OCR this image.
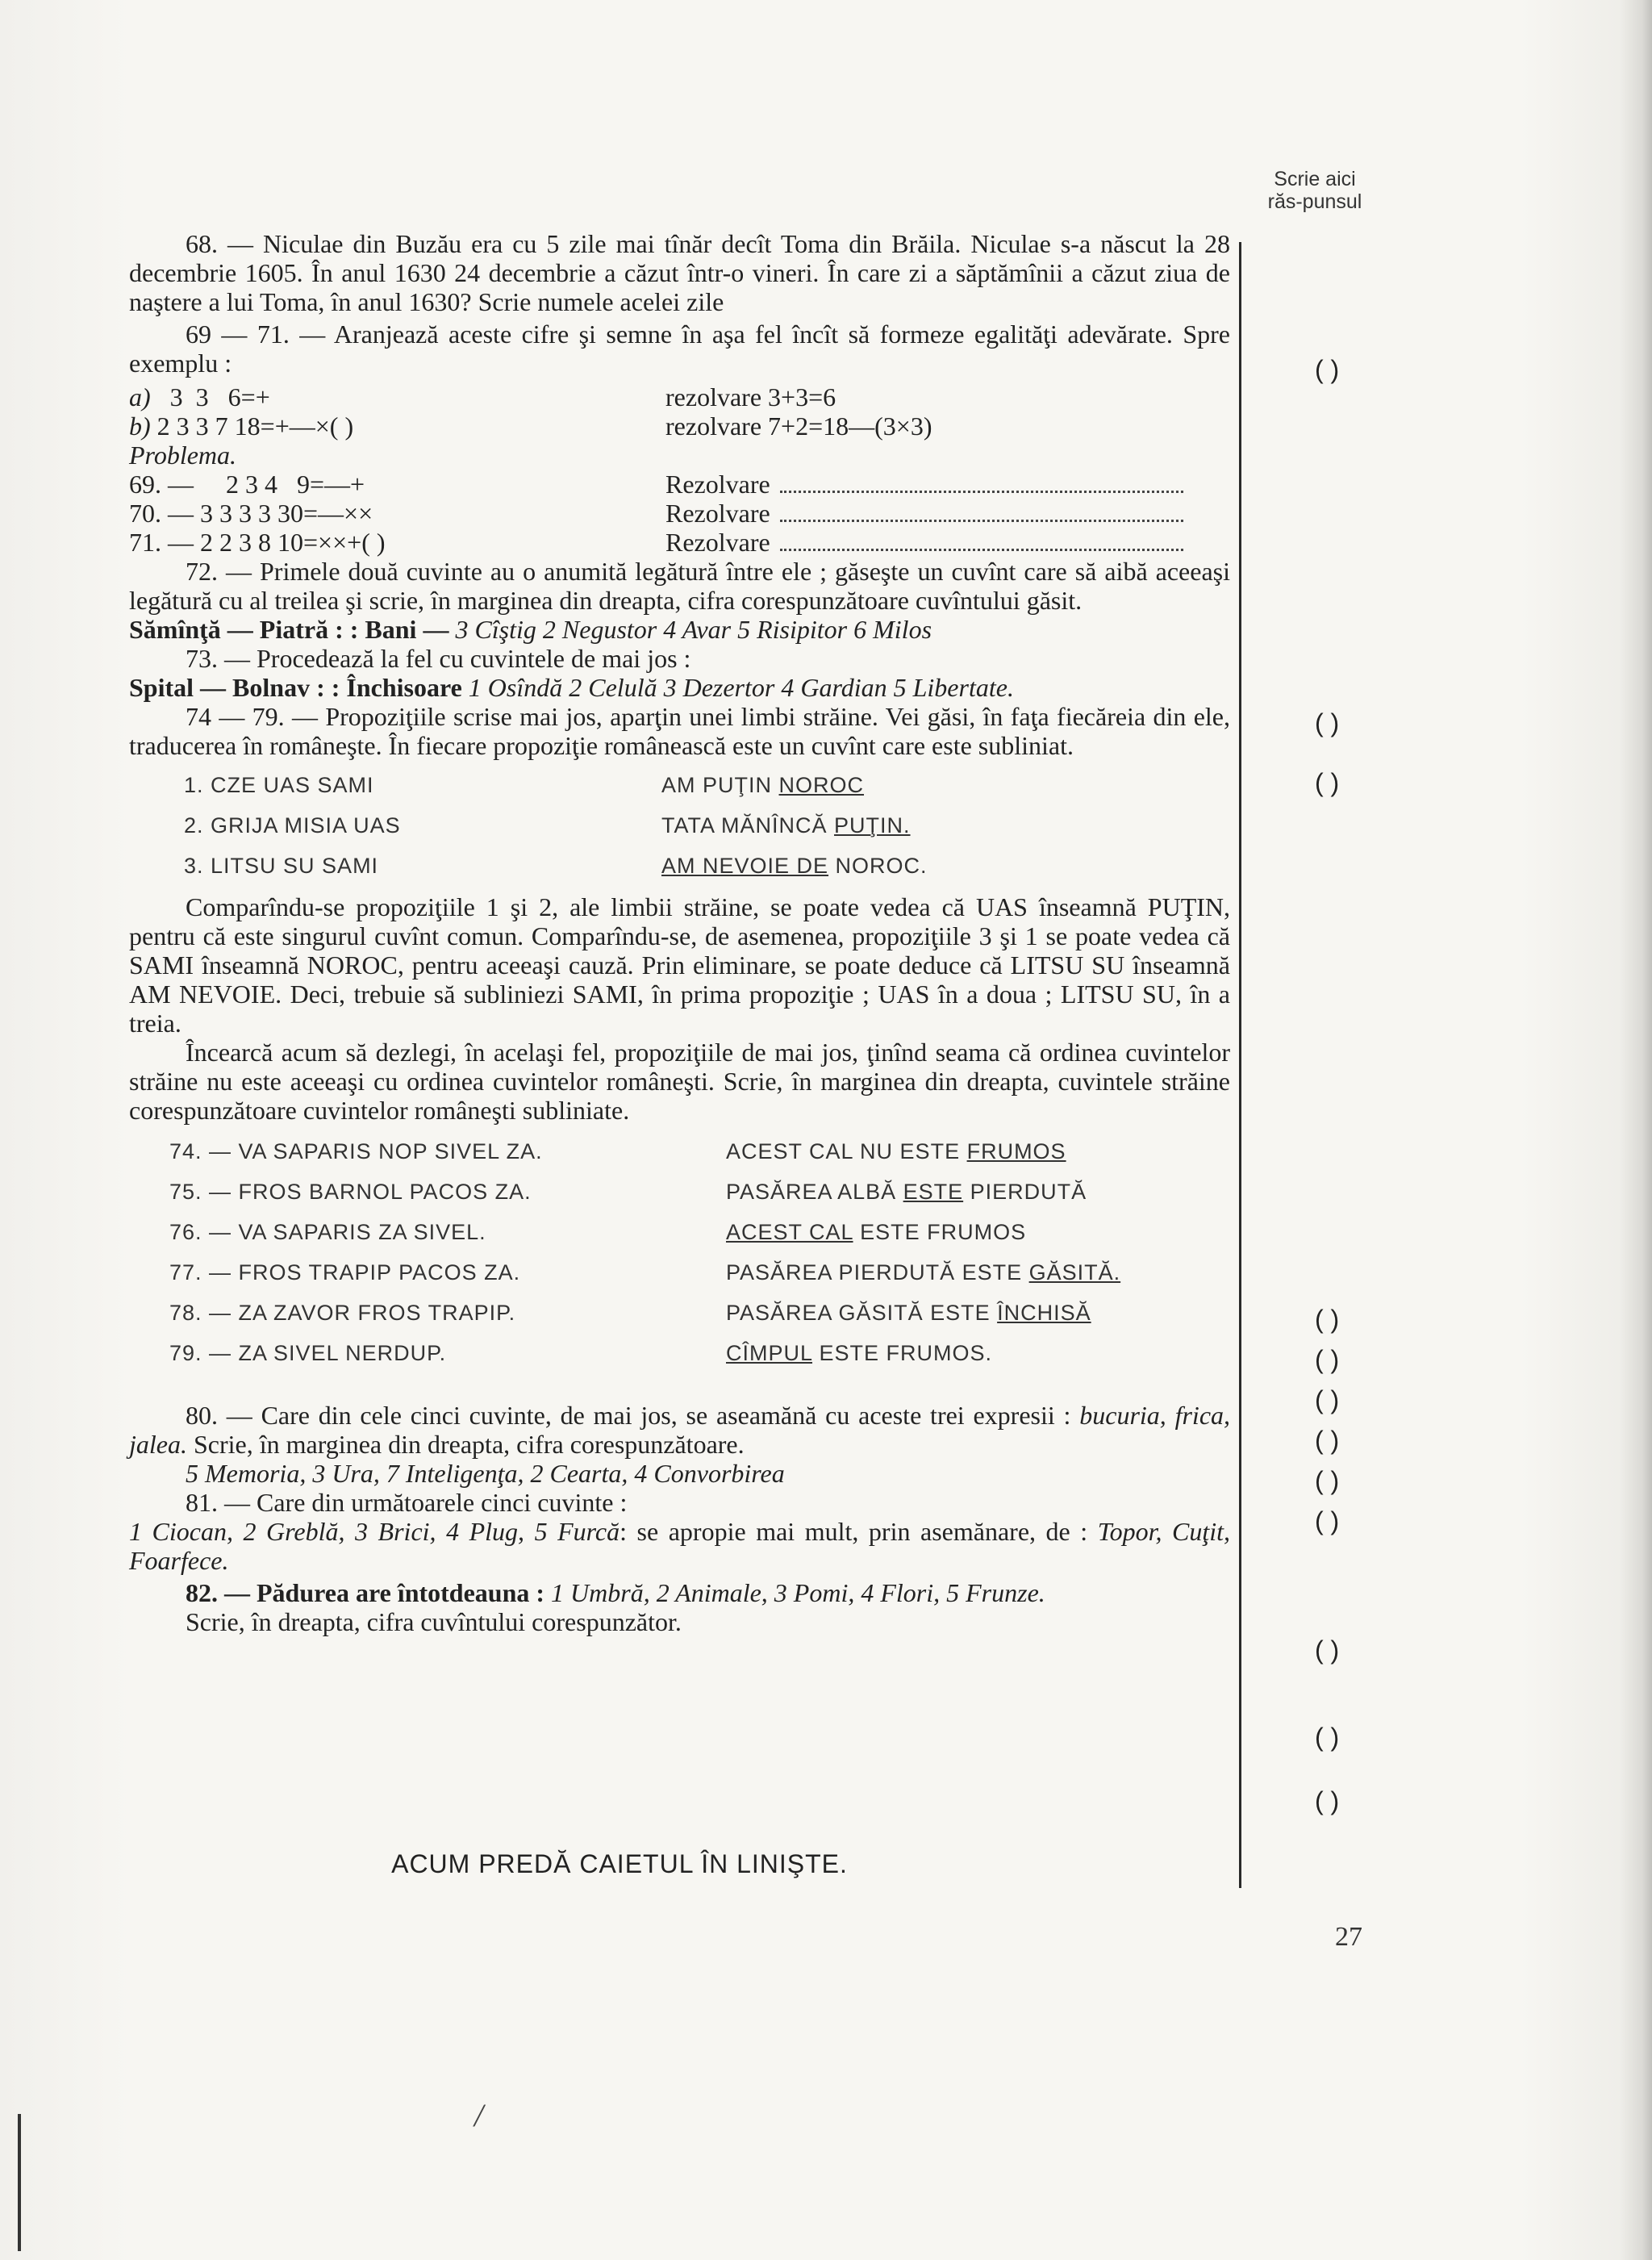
Scrie aici răs-punsul

68. — Niculae din Buzău era cu 5 zile mai tînăr decît Toma din Brăila. Niculae s-a născut la 28 decembrie 1605. În anul 1630 24 decembrie a căzut într-o vineri. În care zi a săptămînii a căzut ziua de naştere a lui Toma, în anul 1630? Scrie numele acelei zile

69 — 71. — Aranjează aceste cifre şi semne în aşa fel încît să formeze egalităţi adevărate. Spre exemplu :

a) 3  3   6=+	rezolvare 3+3=6
b) 2 3 3 7 18=+—×( )	rezolvare 7+2=18—(3×3)
Problema.
69. —     2 3 4   9=—+	Rezolvare
70. — 3 3 3 3 30=—××	Rezolvare
71. — 2 2 3 8 10=××+( )	Rezolvare

72. — Primele două cuvinte au o anumită legătură între ele ; găseşte un cuvînt care să aibă aceeaşi legătură cu al treilea şi scrie, în marginea din dreapta, cifra corespunzătoare cuvîntului găsit.

Sămînţă — Piatră : : Bani — 3 Cîştig 2 Negustor 4 Avar 5 Risipitor 6 Milos

73. — Procedează la fel cu cuvintele de mai jos :

Spital — Bolnav : : Închisoare 1 Osîndă 2 Celulă 3 Dezertor 4 Gardian 5 Libertate.

74 — 79. — Propoziţiile scrise mai jos, aparţin unei limbi străine. Vei găsi, în faţa fiecăreia din ele, traducerea în româneşte. În fiecare propoziţie românească este un cuvînt care este subliniat.

1. CZE UAS SAMI	AM PUŢIN NOROC
2. GRIJA MISIA UAS	TATA MĂNÎNCĂ PUŢIN.
3. LITSU SU SAMI	AM NEVOIE DE NOROC.

Comparîndu-se propoziţiile 1 şi 2, ale limbii străine, se poate vedea că UAS înseamnă PUŢIN, pentru că este singurul cuvînt comun. Comparîndu-se, de asemenea, propoziţiile 3 şi 1 se poate vedea că SAMI înseamnă NOROC, pentru aceeaşi cauză. Prin eliminare, se poate deduce că LITSU SU înseamnă AM NEVOIE. Deci, trebuie să subliniezi SAMI, în prima propoziţie ; UAS în a doua ; LITSU SU, în a treia.

Încearcă acum să dezlegi, în acelaşi fel, propoziţiile de mai jos, ţinînd seama că ordinea cuvintelor străine nu este aceeaşi cu ordinea cuvintelor româneşti. Scrie, în marginea din dreapta, cuvintele străine corespunzătoare cuvintelor româneşti subliniate.

74. — VA SAPARIS NOP SIVEL ZA.	ACEST CAL NU ESTE FRUMOS
75. — FROS BARNOL PACOS ZA.	PASĂREA ALBĂ ESTE PIERDUTĂ
76. — VA SAPARIS ZA SIVEL.	ACEST CAL ESTE FRUMOS
77. — FROS TRAPIP PACOS ZA.	PASĂREA PIERDUTĂ ESTE GĂSITĂ.
78. — ZA ZAVOR FROS TRAPIP.	PASĂREA GĂSITĂ ESTE ÎNCHISĂ
79. — ZA SIVEL NERDUP.	CÎMPUL ESTE FRUMOS.

80. — Care din cele cinci cuvinte, de mai jos, se aseamănă cu aceste trei expresii : bucuria, frica, jalea. Scrie, în marginea din dreapta, cifra corespunzătoare.

5 Memoria, 3 Ura, 7 Inteligenţa, 2 Cearta, 4 Convorbirea

81. — Care din următoarele cinci cuvinte :

1 Ciocan, 2 Greblă, 3 Brici, 4 Plug, 5 Furcă: se apropie mai mult, prin asemănare, de : Topor, Cuţit, Foarfece.

82. — Pădurea are întotdeauna : 1 Umbră, 2 Animale, 3 Pomi, 4 Flori, 5 Frunze.

Scrie, în dreapta, cifra cuvîntului corespunzător.

( )
( )
( )
( )
( )
( )
( )
( )
( )
( )
( )
( )
ACUM PREDĂ CAIETUL ÎN LINIŞTE.
27
/
